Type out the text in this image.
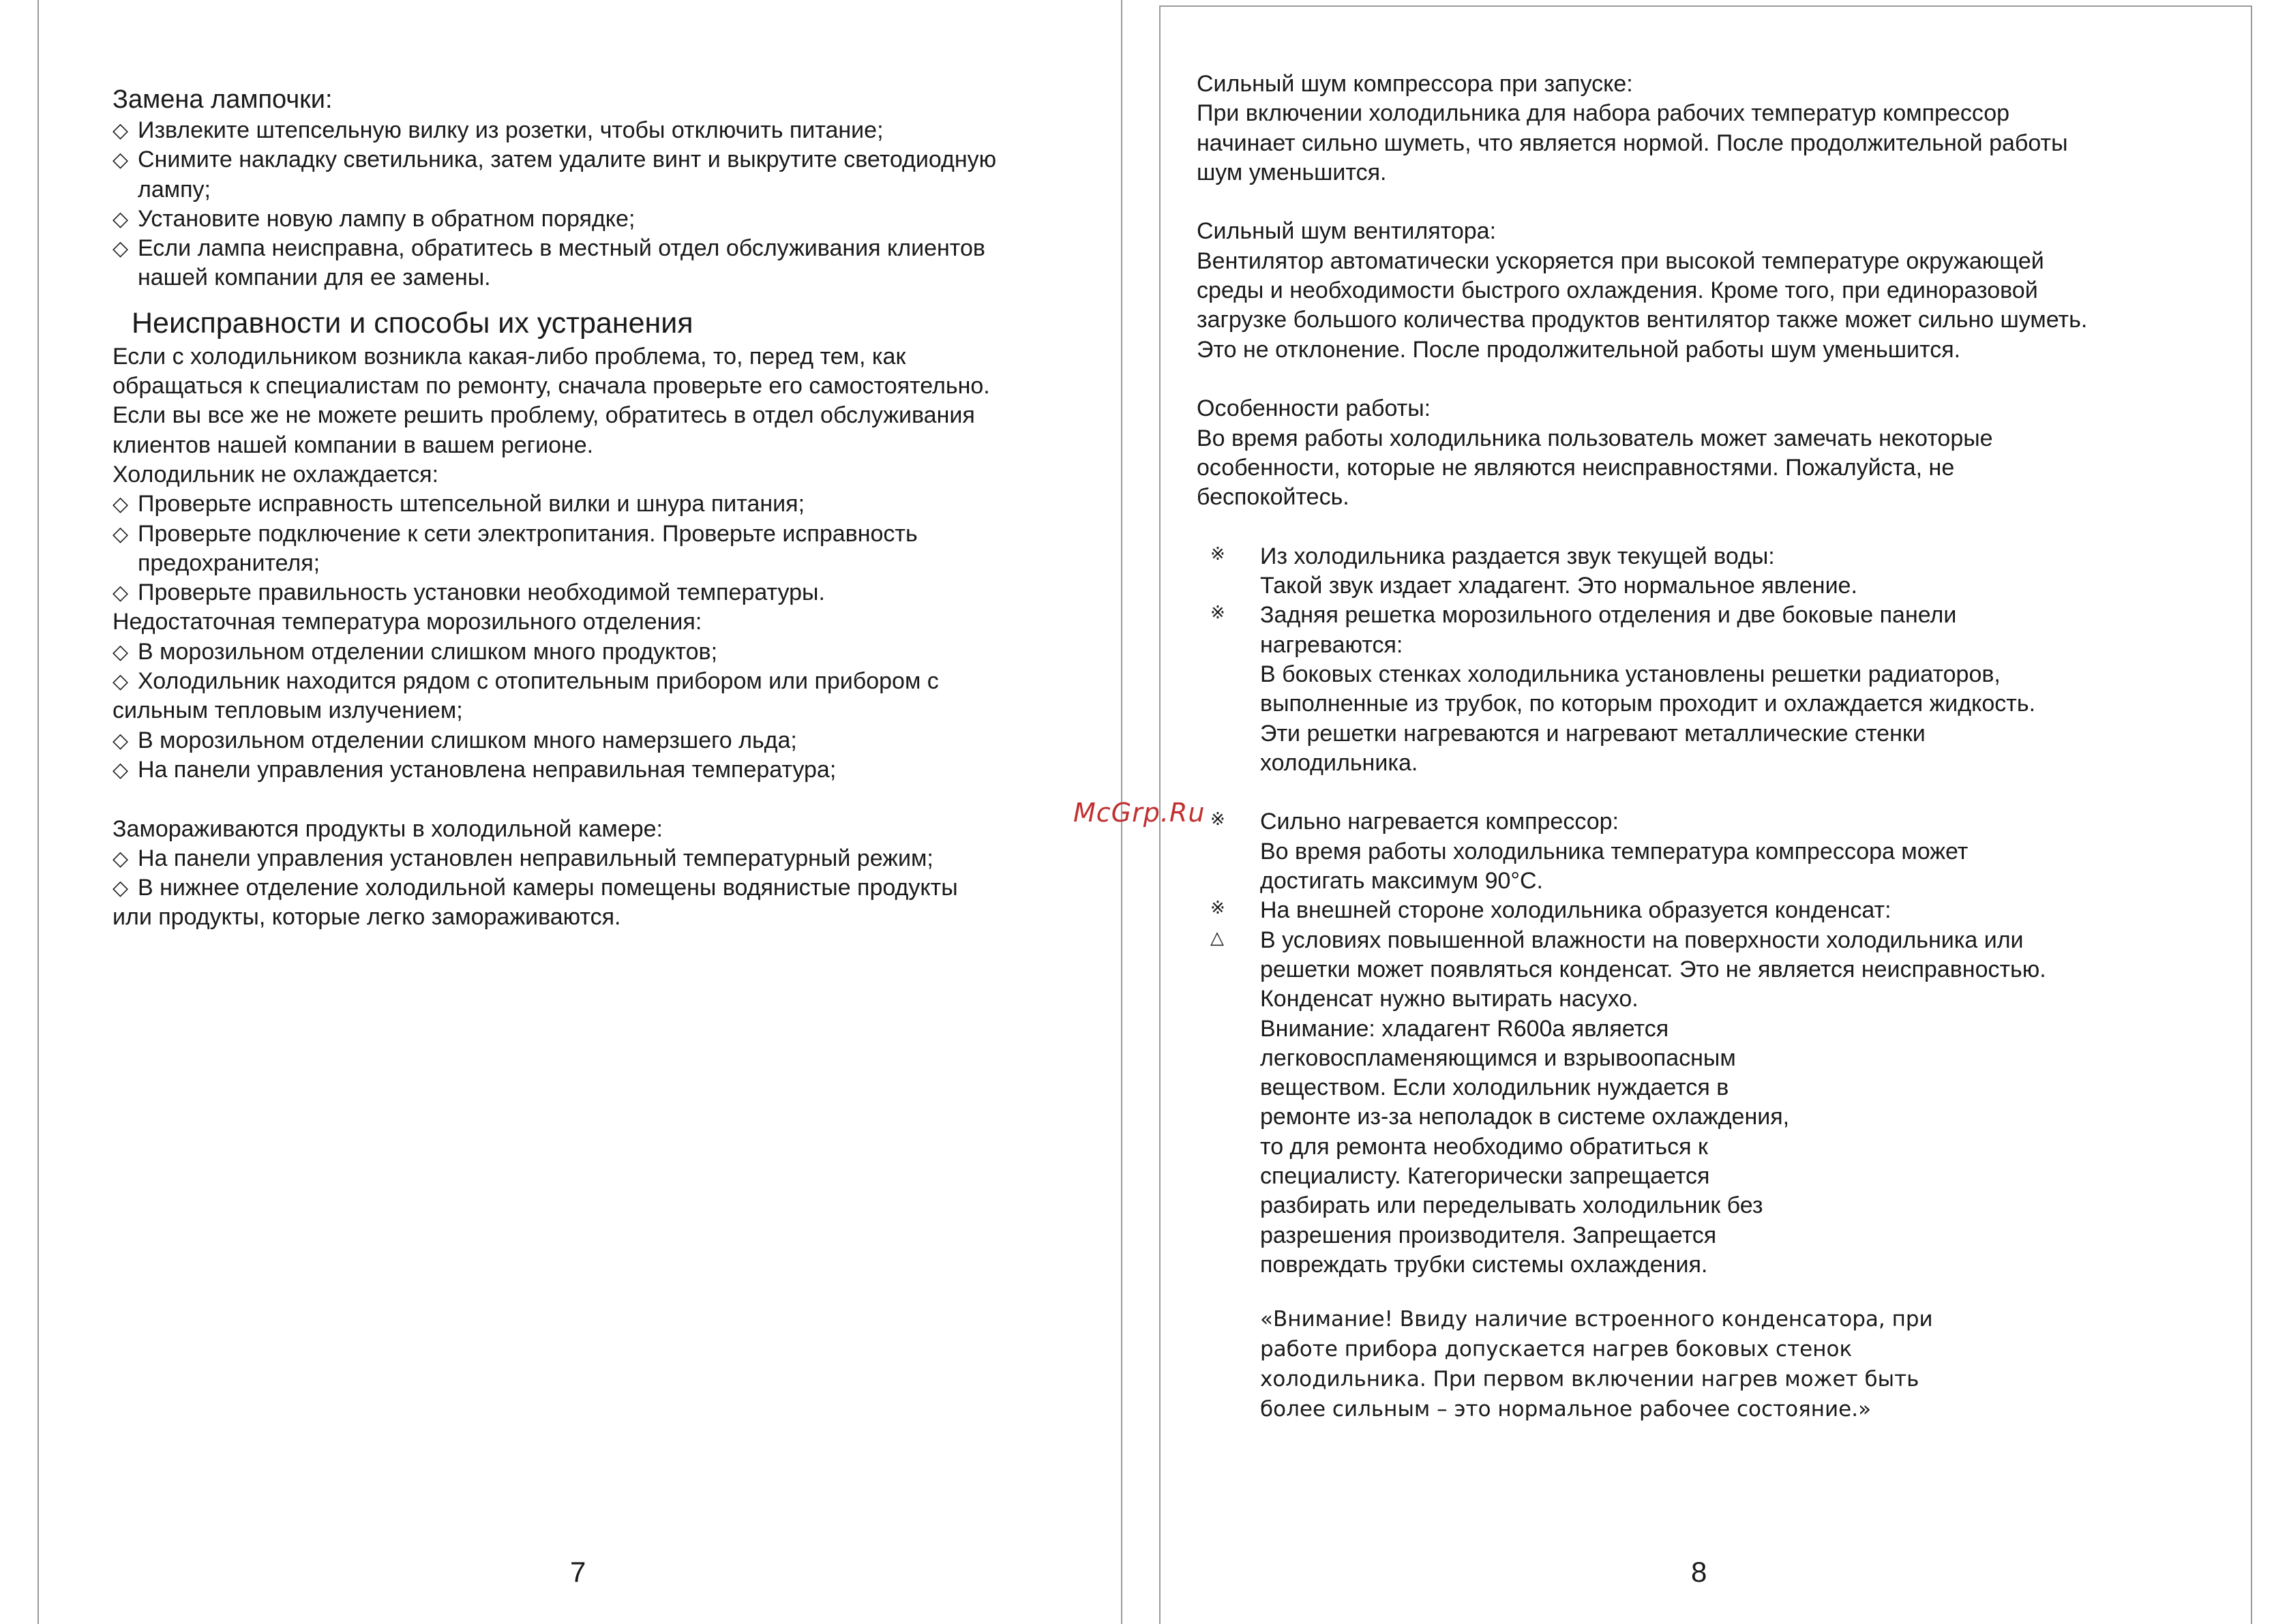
Замена лампочки:
◇ Извлеките штепсельную вилку из розетки, чтобы отключить питание;
◇ Снимите накладку светильника, затем удалите винт и выкрутите светодиодную
лампу;
◇ Установите новую лампу в обратном порядке;
◇ Если лампа неисправна, обратитесь в местный отдел обслуживания клиентов
нашей компании для ее замены.
Неисправности и способы их устранения
Если с холодильником возникла какая-либо проблема, то, перед тем, как
обращаться к специалистам по ремонту, сначала проверьте его самостоятельно.
Если вы все же не можете решить проблему, обратитесь в отдел обслуживания
клиентов нашей компании в вашем регионе.
Холодильник не охлаждается:
◇ Проверьте исправность штепсельной вилки и шнура питания;
◇ Проверьте подключение к сети электропитания. Проверьте исправность
предохранителя;
◇ Проверьте правильность установки необходимой температуры.
Недостаточная температура морозильного отделения:
◇ В морозильном отделении слишком много продуктов;
◇ Холодильник находится рядом с отопительным прибором или прибором с
сильным тепловым излучением;
◇ В морозильном отделении слишком много намерзшего льда;
◇ На панели управления установлена неправильная температура;
Замораживаются продукты в холодильной камере:
◇ На панели управления установлен неправильный температурный режим;
◇ В нижнее отделение холодильной камеры помещены водянистые продукты
или продукты, которые легко замораживаются.
7
Сильный шум компрессора при запуске:
При включении холодильника для набора рабочих температур компрессор
начинает сильно шуметь, что является нормой. После продолжительной работы
шум уменьшится.
Сильный шум вентилятора:
Вентилятор автоматически ускоряется при высокой температуре окружающей
среды и необходимости быстрого охлаждения. Кроме того, при единоразовой
загрузке большого количества продуктов вентилятор также может сильно шуметь.
Это не отклонение. После продолжительной работы шум уменьшится.
Особенности работы:
Во время работы холодильника пользователь может замечать некоторые
особенности, которые не являются неисправностями. Пожалуйста, не
беспокойтесь.
※ Из холодильника раздается звук текущей воды:
Такой звук издает хладагент. Это нормальное явление.
※ Задняя решетка морозильного отделения и две боковые панели
нагреваются:
В боковых стенках холодильника установлены решетки радиаторов,
выполненные из трубок, по которым проходит и охлаждается жидкость.
Эти решетки нагреваются и нагревают металлические стенки
холодильника.
※ Сильно нагревается компрессор:
Во время работы холодильника температура компрессора может
достигать максимум 90°C.
※ На внешней стороне холодильника образуется конденсат:
△ В условиях повышенной влажности на поверхности холодильника или
решетки может появляться конденсат. Это не является неисправностью.
Конденсат нужно вытирать насухо.
Внимание: хладагент R600a является
легковоспламеняющимся и взрывоопасным
веществом. Если холодильник нуждается в
ремонте из-за неполадок в системе охлаждения,
то для ремонта необходимо обратиться к
специалисту. Категорически запрещается
разбирать или переделывать холодильник без
разрешения производителя. Запрещается
повреждать трубки системы охлаждения.
«Внимание! Ввиду наличие встроенного конденсатора, при
работе прибора допускается нагрев боковых стенок
холодильника. При первом включении нагрев может быть
более сильным – это нормальное рабочее состояние.»
8
McGrp.Ru
